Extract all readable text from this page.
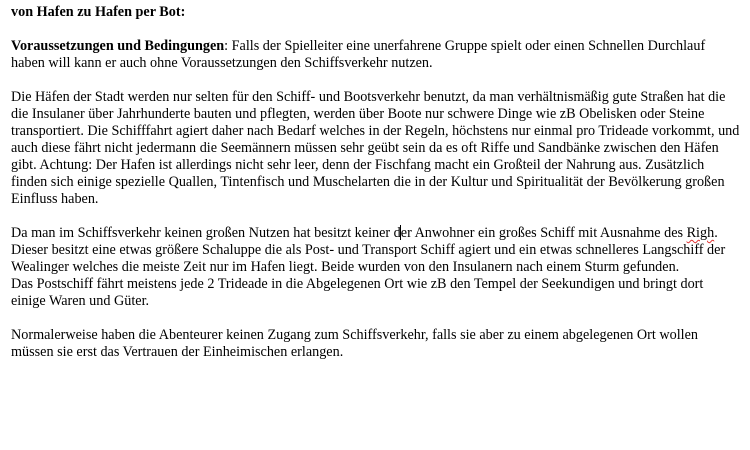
von Hafen zu Hafen per Bot:

Voraussetzungen und Bedingungen: Falls der Spielleiter eine unerfahrene Gruppe spielt oder einen Schnellen Durchlauf haben will kann er auch ohne Voraussetzungen den Schiffsverkehr nutzen.

Die Häfen der Stadt werden nur selten für den Schiff- und Bootsverkehr benutzt, da man verhältnismäßig gute Straßen hat die die Insulaner über Jahrhunderte bauten und pflegten, werden über Boote nur schwere Dinge wie zB Obelisken oder Steine transportiert. Die Schifffahrt agiert daher nach Bedarf welches in der Regeln, höchstens nur einmal pro Trideade vorkommt, und auch diese fährt nicht jedermann die Seemännern müssen sehr geübt sein da es oft Riffe und Sandbänke zwischen den Häfen gibt. Achtung: Der Hafen ist allerdings nicht sehr leer, denn der Fischfang macht ein Großteil der Nahrung aus. Zusätzlich finden sich einige spezielle Quallen, Tintenfisch und Muschelarten die in der Kultur und Spiritualität der Bevölkerung großen Einfluss haben.

Da man im Schiffsverkehr keinen großen Nutzen hat besitzt keiner der Anwohner ein großes Schiff mit Ausnahme des Righ. Dieser besitzt eine etwas größere Schaluppe die als Post- und Transport Schiff agiert und ein etwas schnelleres Langschiff der Wealinger welches die meiste Zeit nur im Hafen liegt. Beide wurden von den Insulanern nach einem Sturm gefunden.

Das Postschiff fährt meistens jede 2 Trideade in die Abgelegenen Ort wie zB den Tempel der Seekundigen und bringt dort einige Waren und Güter.

Normalerweise haben die Abenteurer keinen Zugang zum Schiffsverkehr, falls sie aber zu einem abgelegenen Ort wollen müssen sie erst das Vertrauen der Einheimischen erlangen.
